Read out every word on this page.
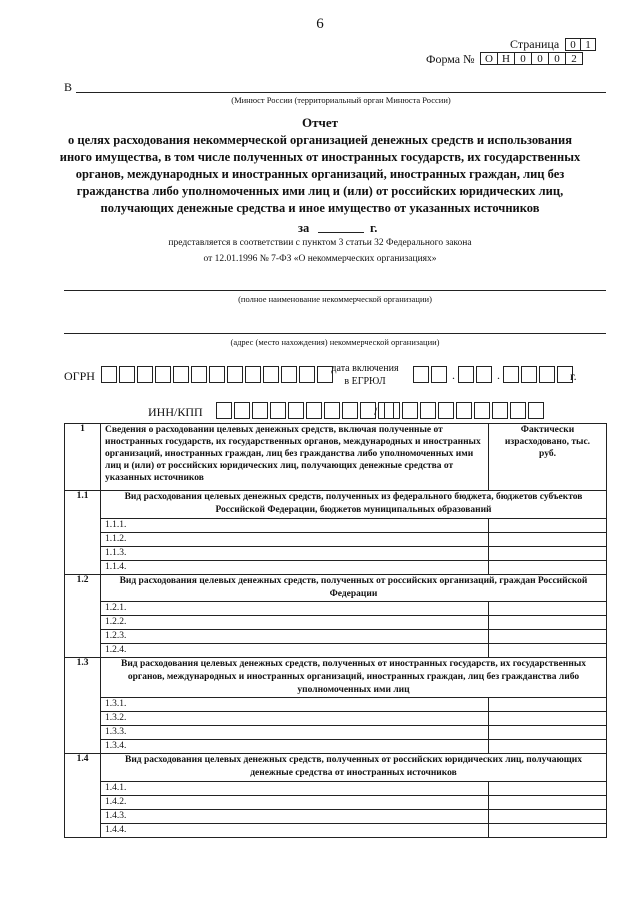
6
Страница	0 1
Форма № О Н 0	0	0	2
В
(Минюст России (территориальный орган Минюста России)
Отчет
о целях расходования некоммерческой организацией денежных средств и использования
иного имущества, в том числе полученных от иностранных государств, их государственных
органов, международных и иностранных организаций, иностранных граждан, лиц без
гражданства либо уполномоченных ими лиц и (или) от российских юридических лиц,
получающих денежные средства и иное имущество от указанных источников
за	г.
представляется в соответствии с пунктом 3 статьи 32 Федерального закона
от 12.01.1996 № 7-ФЗ «О некоммерческих организациях»
(полное наименование некоммерческой организации)
(адрес (место нахождения) некоммерческой организации)
ОГРН
дата включения
в ЕГРЮЛ	.	.	г.
ИНН/КПП	/
1	Сведения о расходовании целевых денежных средств, включая полученные от иностранных государств, их государственных органов, международных и иностранных организаций, иностранных граждан, лиц без гражданства либо уполномоченных ими лиц и (или) от российских юридических лиц, получающих денежные средства от указанных источников	Фактически израсходовано, тыс. руб.
1.1	Вид расходования целевых денежных средств, полученных из федерального бюджета, бюджетов субъектов Российской Федерации, бюджетов муниципальных образований	
	1.1.1.	
	1.1.2.	
	1.1.3.	
	1.1.4.	
1.2	Вид расходования целевых денежных средств, полученных от российских организаций, граждан Российской Федерации	
	1.2.1.	
	1.2.2.	
	1.2.3.	
	1.2.4.	
1.3	Вид расходования целевых денежных средств, полученных от иностранных государств, их государственных органов, международных и иностранных организаций, иностранных граждан, лиц без гражданства либо уполномоченных ими лиц	
	1.3.1.	
	1.3.2.	
	1.3.3.	
	1.3.4.	
1.4	Вид расходования целевых денежных средств, полученных от российских юридических лиц, получающих денежные средства от иностранных источников	
	1.4.1.	
	1.4.2.	
	1.4.3.	
	1.4.4.	
